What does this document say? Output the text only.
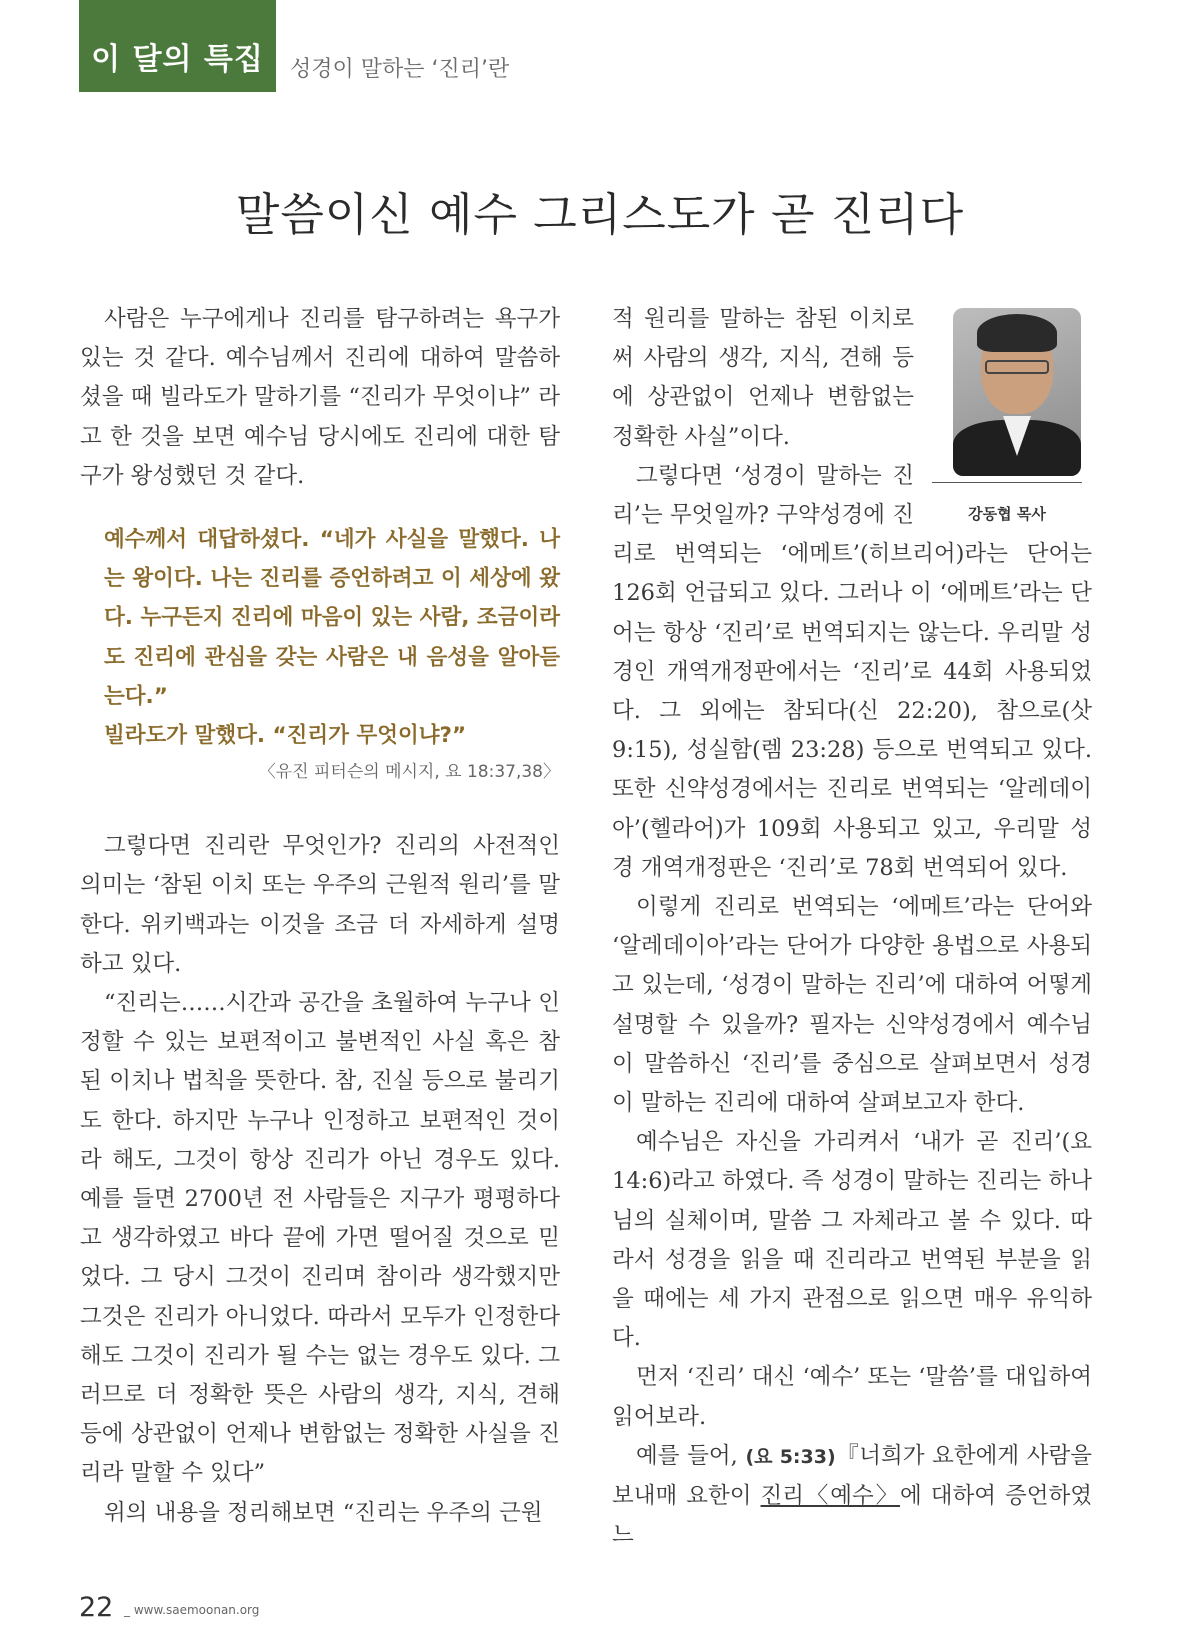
이 달의 특집	성경이 말하는 ‘진리’란
말씀이신 예수 그리스도가 곧 진리다

사람은 누구에게나 진리를 탐구하려는 욕구가 있는 것 같다. 예수님께서 진리에 대하여 말씀하셨을 때 빌라도가 말하기를 “진리가 무엇이냐” 라고 한 것을 보면 예수님 당시에도 진리에 대한 탐구가 왕성했던 것 같다.

예수께서 대답하셨다. “네가 사실을 말했다. 나는 왕이다. 나는 진리를 증언하려고 이 세상에 왔다. 누구든지 진리에 마음이 있는 사람, 조금이라도 진리에 관심을 갖는 사람은 내 음성을 알아듣는다.”

빌라도가 말했다. “진리가 무엇이냐?”

〈유진 피터슨의 메시지, 요 18:37,38〉

그렇다면 진리란 무엇인가? 진리의 사전적인 의미는 ‘참된 이치 또는 우주의 근원적 원리’를 말한다. 위키백과는 이것을 조금 더 자세하게 설명하고 있다.

“진리는……시간과 공간을 초월하여 누구나 인정할 수 있는 보편적이고 불변적인 사실 혹은 참된 이치나 법칙을 뜻한다. 참, 진실 등으로 불리기도 한다. 하지만 누구나 인정하고 보편적인 것이라 해도, 그것이 항상 진리가 아닌 경우도 있다. 예를 들면 2700년 전 사람들은 지구가 평평하다고 생각하였고 바다 끝에 가면 떨어질 것으로 믿었다. 그 당시 그것이 진리며 참이라 생각했지만 그것은 진리가 아니었다. 따라서 모두가 인정한다 해도 그것이 진리가 될 수는 없는 경우도 있다. 그러므로 더 정확한 뜻은 사람의 생각, 지식, 견해 등에 상관없이 언제나 변함없는 정확한 사실을 진리라 말할 수 있다”

위의 내용을 정리해보면 “진리는 우주의 근원

강동협 목사

적 원리를 말하는 참된 이치로써 사람의 생각, 지식, 견해 등에 상관없이 언제나 변함없는 정확한 사실”이다.

그렇다면 ‘성경이 말하는 진리’는 무엇일까? 구약성경에 진리로 번역되는 ‘에메트’(히브리어)라는 단어는 126회 언급되고 있다. 그러나 이 ‘에메트’라는 단어는 항상 ‘진리’로 번역되지는 않는다. 우리말 성경인 개역개정판에서는 ‘진리’로 44회 사용되었다. 그 외에는 참되다(신 22:20), 참으로(삿 9:15), 성실함(렘 23:28) 등으로 번역되고 있다. 또한 신약성경에서는 진리로 번역되는 ‘알레데이아’(헬라어)가 109회 사용되고 있고, 우리말 성경 개역개정판은 ‘진리’로 78회 번역되어 있다.

이렇게 진리로 번역되는 ‘에메트’라는 단어와 ‘알레데이아’라는 단어가 다양한 용법으로 사용되고 있는데, ‘성경이 말하는 진리’에 대하여 어떻게 설명할 수 있을까? 필자는 신약성경에서 예수님이 말씀하신 ‘진리’를 중심으로 살펴보면서 성경이 말하는 진리에 대하여 살펴보고자 한다.

예수님은 자신을 가리켜서 ‘내가 곧 진리’(요 14:6)라고 하였다. 즉 성경이 말하는 진리는 하나님의 실체이며, 말씀 그 자체라고 볼 수 있다. 따라서 성경을 읽을 때 진리라고 번역된 부분을 읽을 때에는 세 가지 관점으로 읽으면 매우 유익하다.

먼저 ‘진리’ 대신 ‘예수’ 또는 ‘말씀’를 대입하여 읽어보라.

예를 들어, (요 5:33)『너희가 요한에게 사람을 보내매 요한이 진리〈예수〉에 대하여 증언하였느

22 _ www.saemoonan.org
